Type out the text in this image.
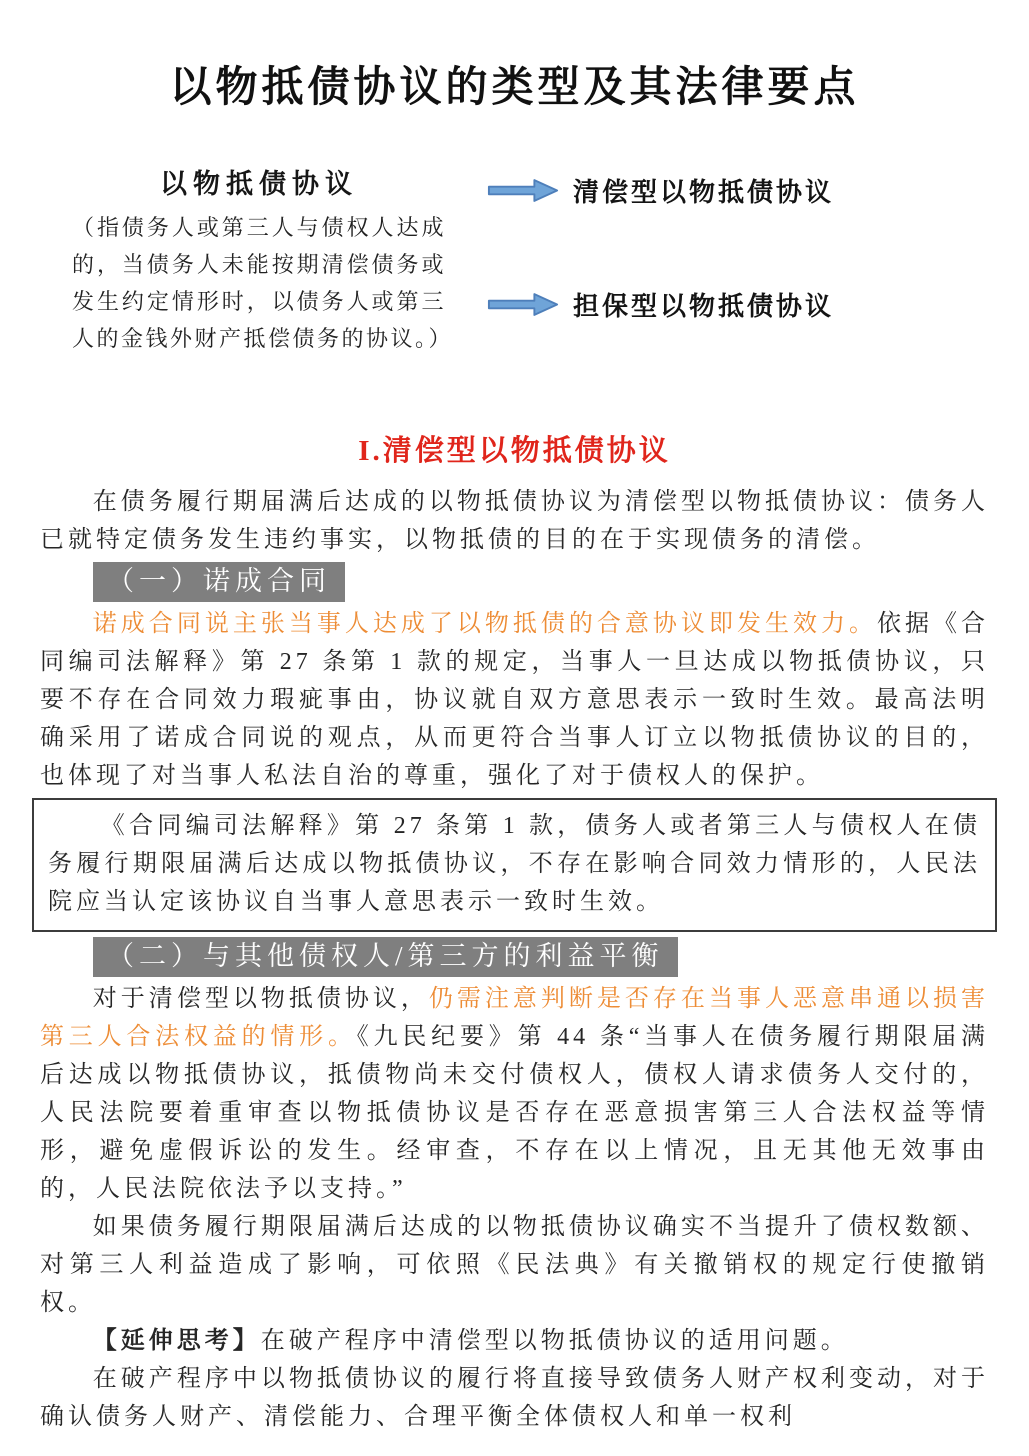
以物抵债协议的类型及其法律要点
以物抵债协议
（指债务人或第三人与债权人达成的，当债务人未能按期清偿债务或发生约定情形时，以债务人或第三人的金钱外财产抵偿债务的协议。）
清偿型以物抵债协议
担保型以物抵债协议
I.清偿型以物抵债协议

在债务履行期届满后达成的以物抵债协议为清偿型以物抵债协议：债务人已就特定债务发生违约事实，以物抵债的目的在于实现债务的清偿。

（一）诺成合同

诺成合同说主张当事人达成了以物抵债的合意协议即发生效力。依据《合同编司法解释》第 27 条第 1 款的规定，当事人一旦达成以物抵债协议，只要不存在合同效力瑕疵事由，协议就自双方意思表示一致时生效。最高法明确采用了诺成合同说的观点，从而更符合当事人订立以物抵债协议的目的，也体现了对当事人私法自治的尊重，强化了对于债权人的保护。

《合同编司法解释》第 27 条第 1 款，债务人或者第三人与债权人在债务履行期限届满后达成以物抵债协议，不存在影响合同效力情形的，人民法院应当认定该协议自当事人意思表示一致时生效。

（二）与其他债权人/第三方的利益平衡

对于清偿型以物抵债协议，仍需注意判断是否存在当事人恶意串通以损害第三人合法权益的情形。《九民纪要》第 44 条“当事人在债务履行期限届满后达成以物抵债协议，抵债物尚未交付债权人，债权人请求债务人交付的，人民法院要着重审查以物抵债协议是否存在恶意损害第三人合法权益等情形，避免虚假诉讼的发生。经审查，不存在以上情况，且无其他无效事由的，人民法院依法予以支持。”

如果债务履行期限届满后达成的以物抵债协议确实不当提升了债权数额、对第三人利益造成了影响，可依照《民法典》有关撤销权的规定行使撤销权。

【延伸思考】在破产程序中清偿型以物抵债协议的适用问题。

在破产程序中以物抵债协议的履行将直接导致债务人财产权利变动，对于确认债务人财产、清偿能力、合理平衡全体债权人和单一权利
